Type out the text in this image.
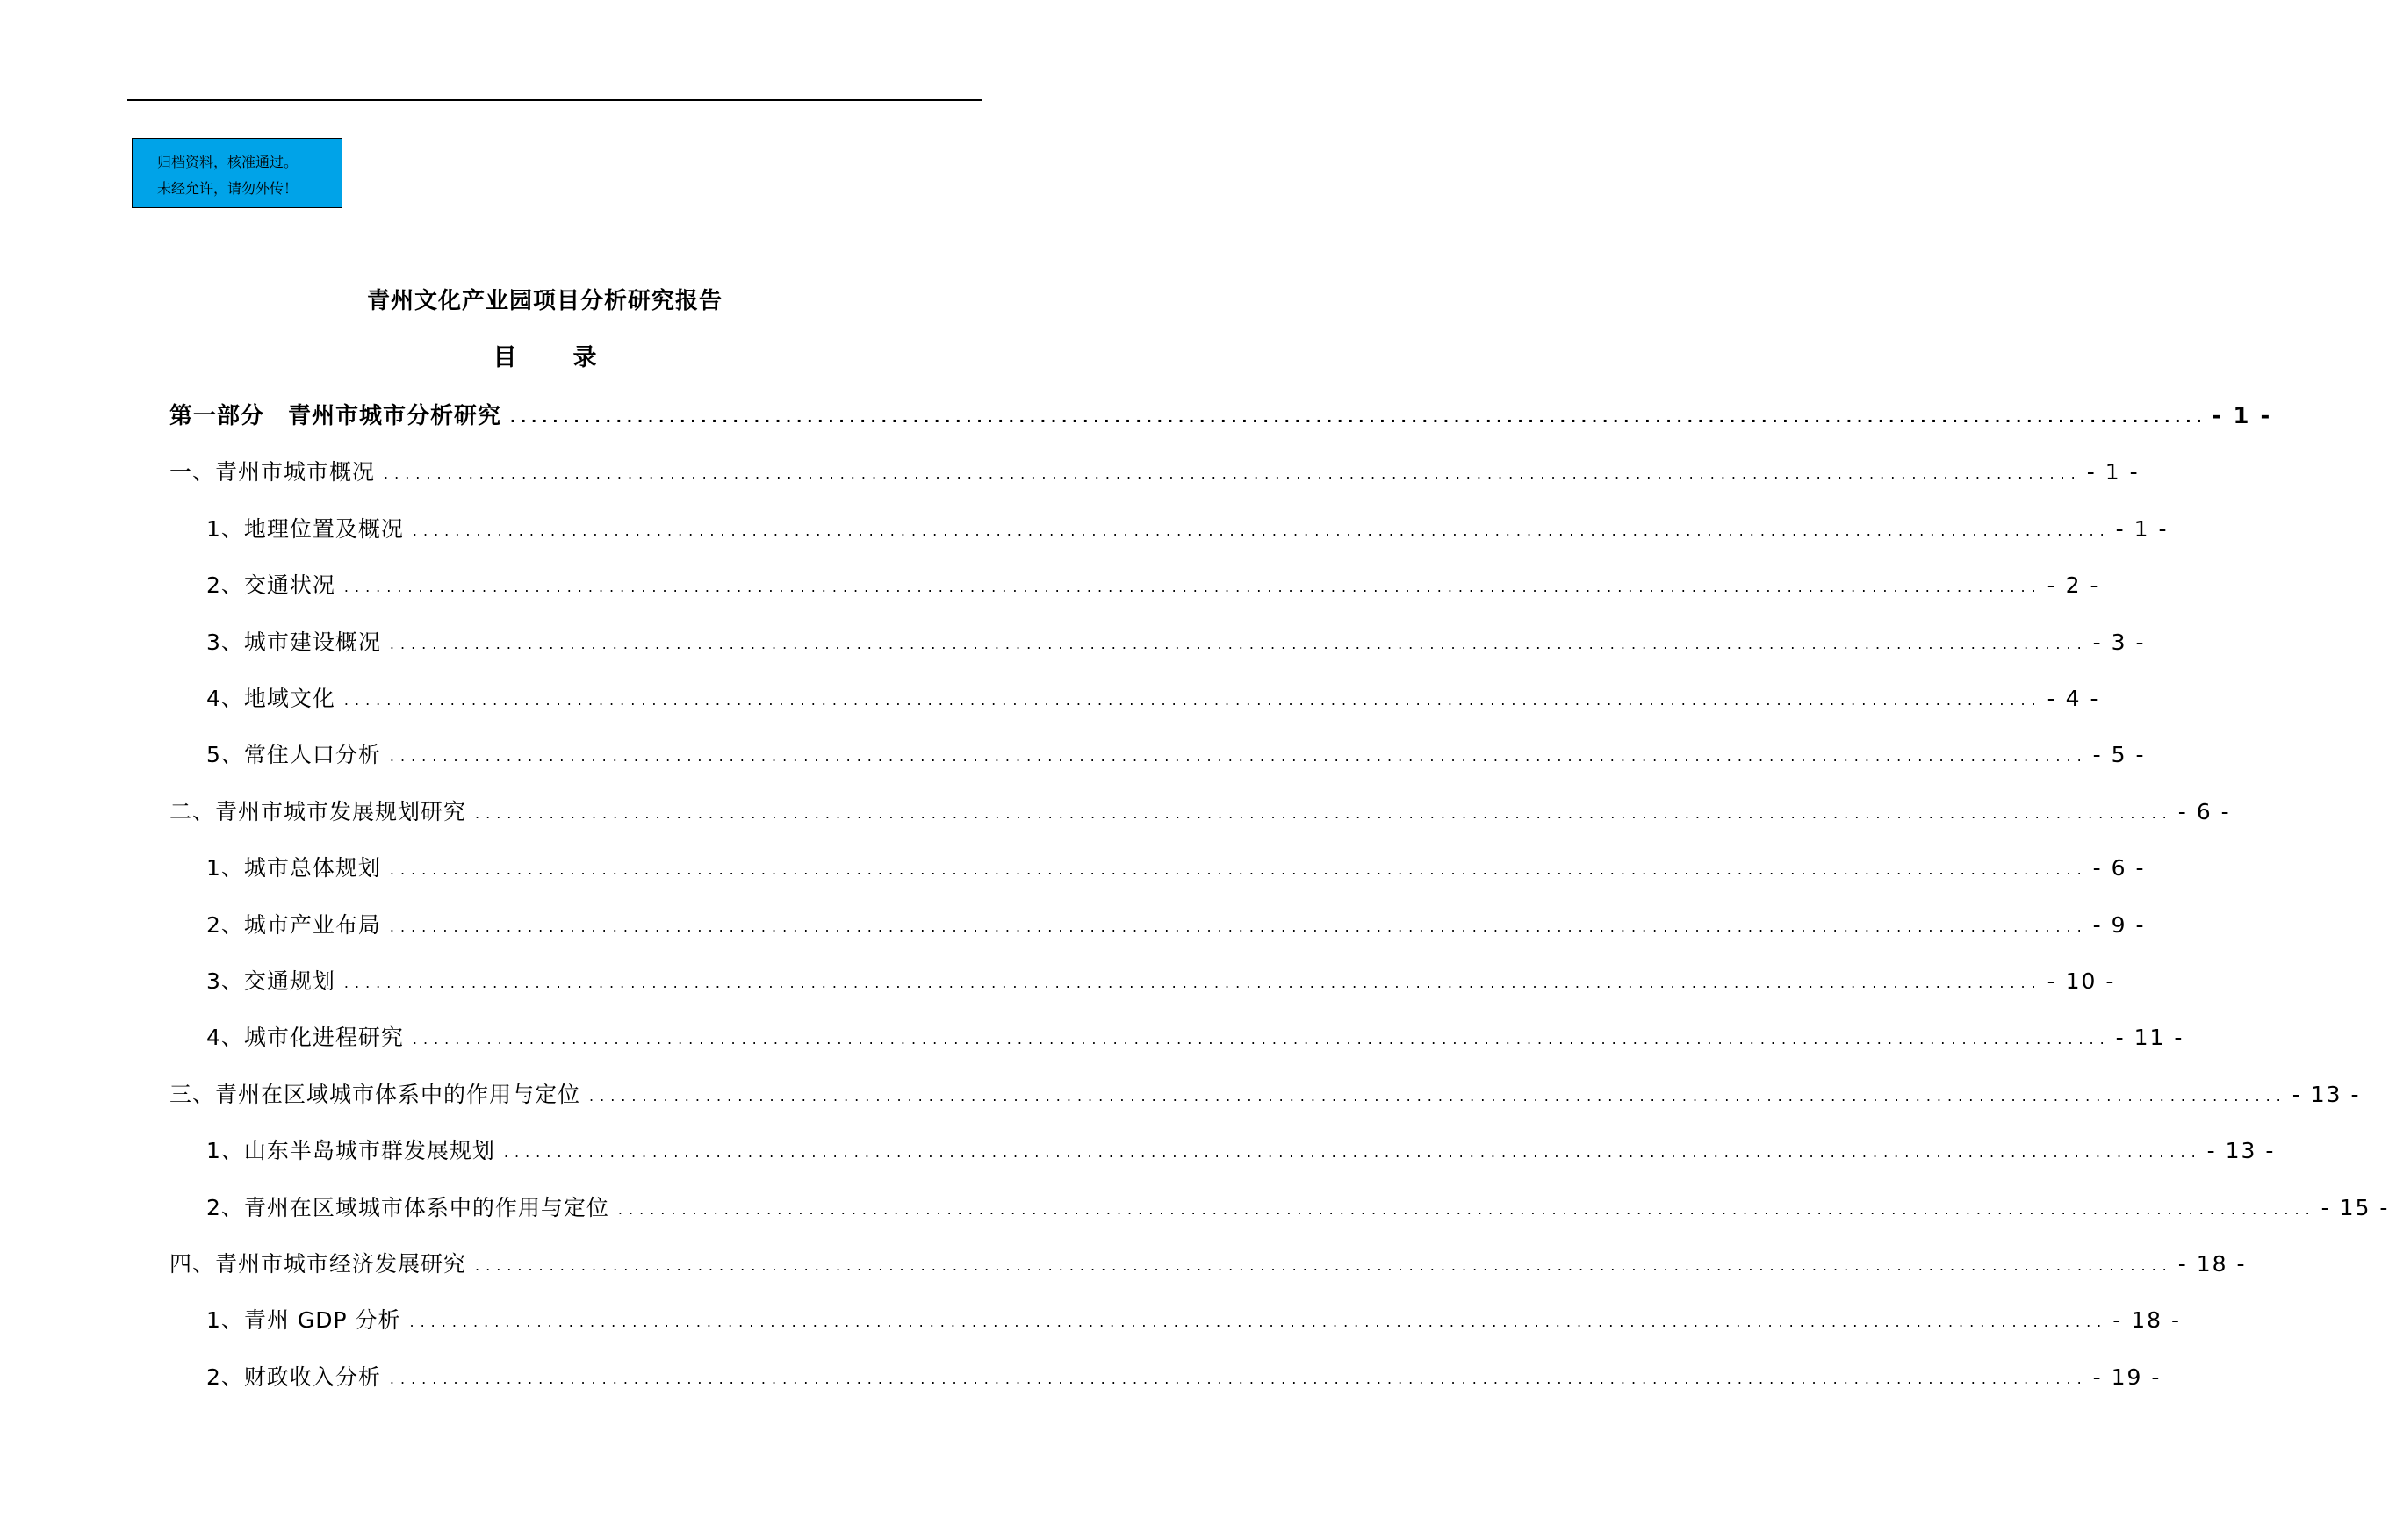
归档资料，核准通过。
未经允许，请勿外传！
青州文化产业园项目分析研究报告
目 录
第一部分　青州市城市分析研究 ................................................................................................................................................................ - 1 -
一、青州市城市概况 ................................................................................................................................................................ - 1 -
1、地理位置及概况 ................................................................................................................................................................ - 1 -
2、交通状况 ................................................................................................................................................................ - 2 -
3、城市建设概况 ................................................................................................................................................................ - 3 -
4、地域文化 ................................................................................................................................................................ - 4 -
5、常住人口分析 ................................................................................................................................................................ - 5 -
二、青州市城市发展规划研究 ................................................................................................................................................................ - 6 -
1、城市总体规划 ................................................................................................................................................................ - 6 -
2、城市产业布局 ................................................................................................................................................................ - 9 -
3、交通规划 ................................................................................................................................................................ - 10 -
4、城市化进程研究 ................................................................................................................................................................ - 11 -
三、青州在区域城市体系中的作用与定位 ................................................................................................................................................................ - 13 -
1、山东半岛城市群发展规划 ................................................................................................................................................................ - 13 -
2、青州在区域城市体系中的作用与定位 ................................................................................................................................................................ - 15 -
四、青州市城市经济发展研究 ................................................................................................................................................................ - 18 -
1、青州 GDP 分析 ................................................................................................................................................................ - 18 -
2、财政收入分析 ................................................................................................................................................................ - 19 -
